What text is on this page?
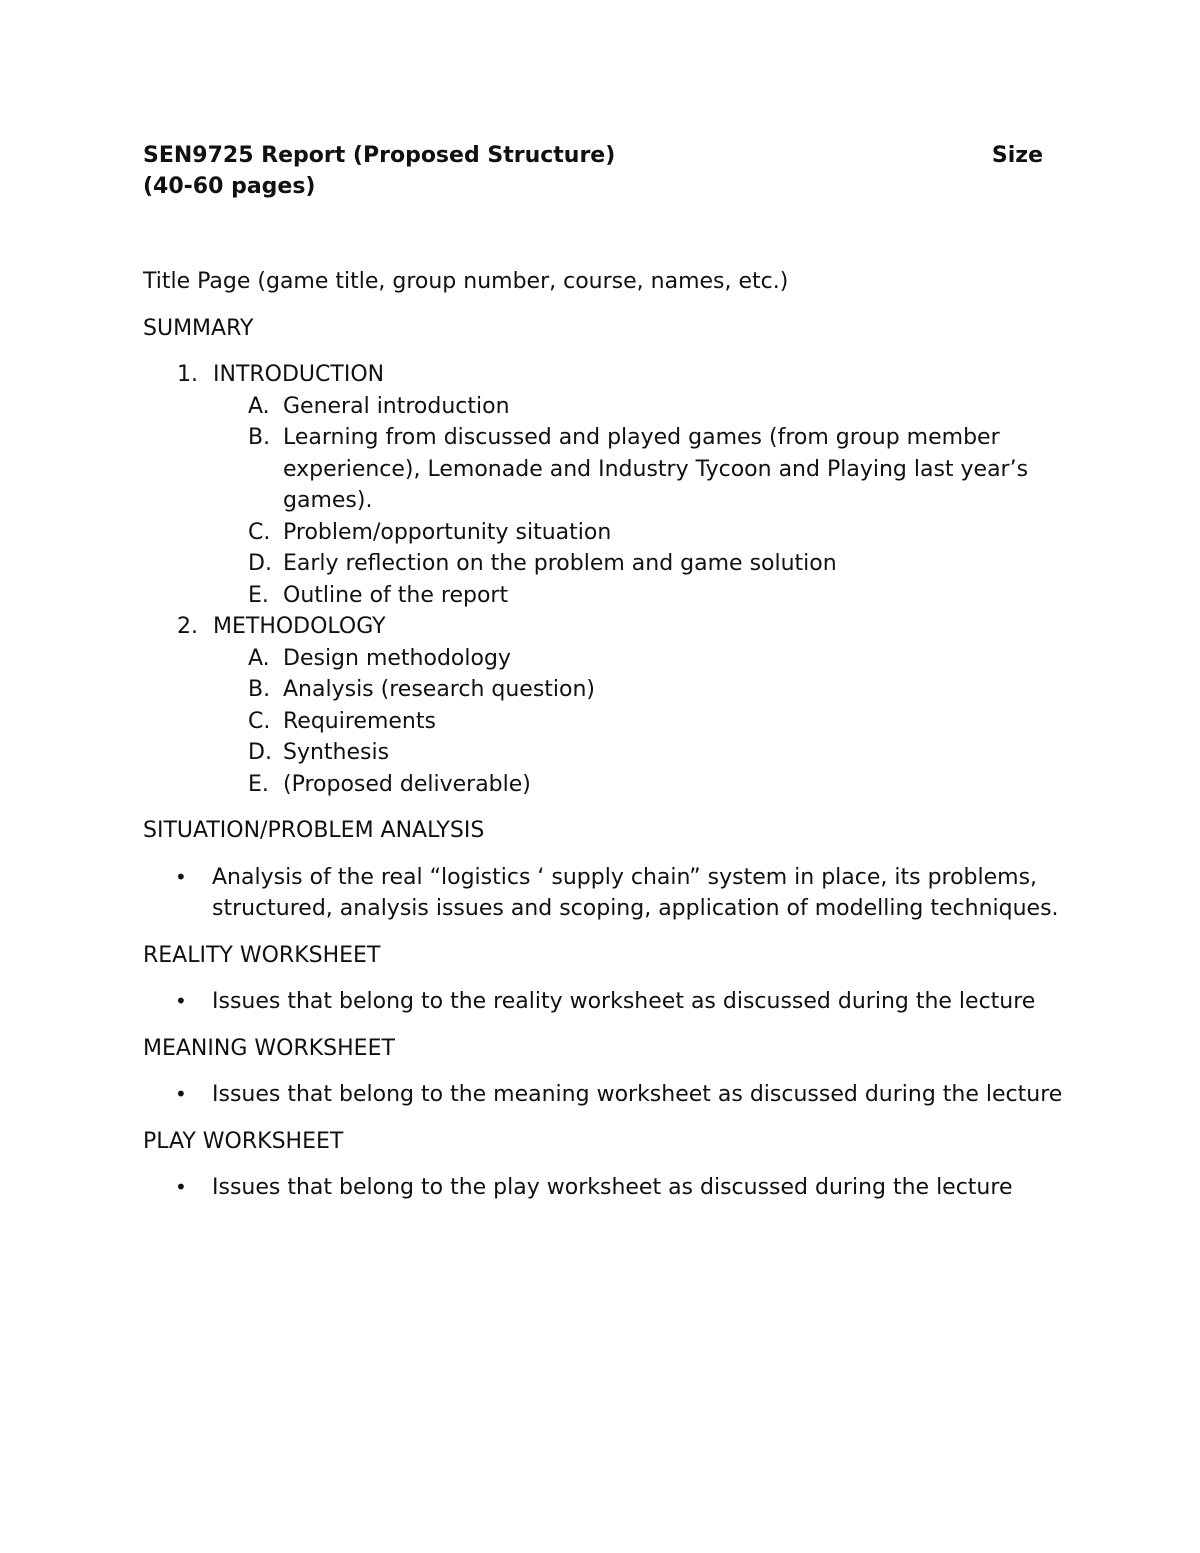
SEN9725 Report (Proposed Structure)	Size
(40-60 pages)

Title Page (game title, group number, course, names, etc.)

SUMMARY

1. INTRODUCTION
A. General introduction
B. Learning from discussed and played games (from group member experience), Lemonade and Industry Tycoon and Playing last year’s games).
C. Problem/opportunity situation
D. Early reflection on the problem and game solution
E. Outline of the report
2. METHODOLOGY
A. Design methodology
B. Analysis (research question)
C. Requirements
D. Synthesis
E. (Proposed deliverable)

SITUATION/PROBLEM ANALYSIS

• Analysis of the real “logistics ‘ supply chain” system in place, its problems,
structured, analysis issues and scoping, application of modelling techniques.

REALITY WORKSHEET

• Issues that belong to the reality worksheet as discussed during the lecture

MEANING WORKSHEET

• Issues that belong to the meaning worksheet as discussed during the lecture

PLAY WORKSHEET

• Issues that belong to the play worksheet as discussed during the lecture
